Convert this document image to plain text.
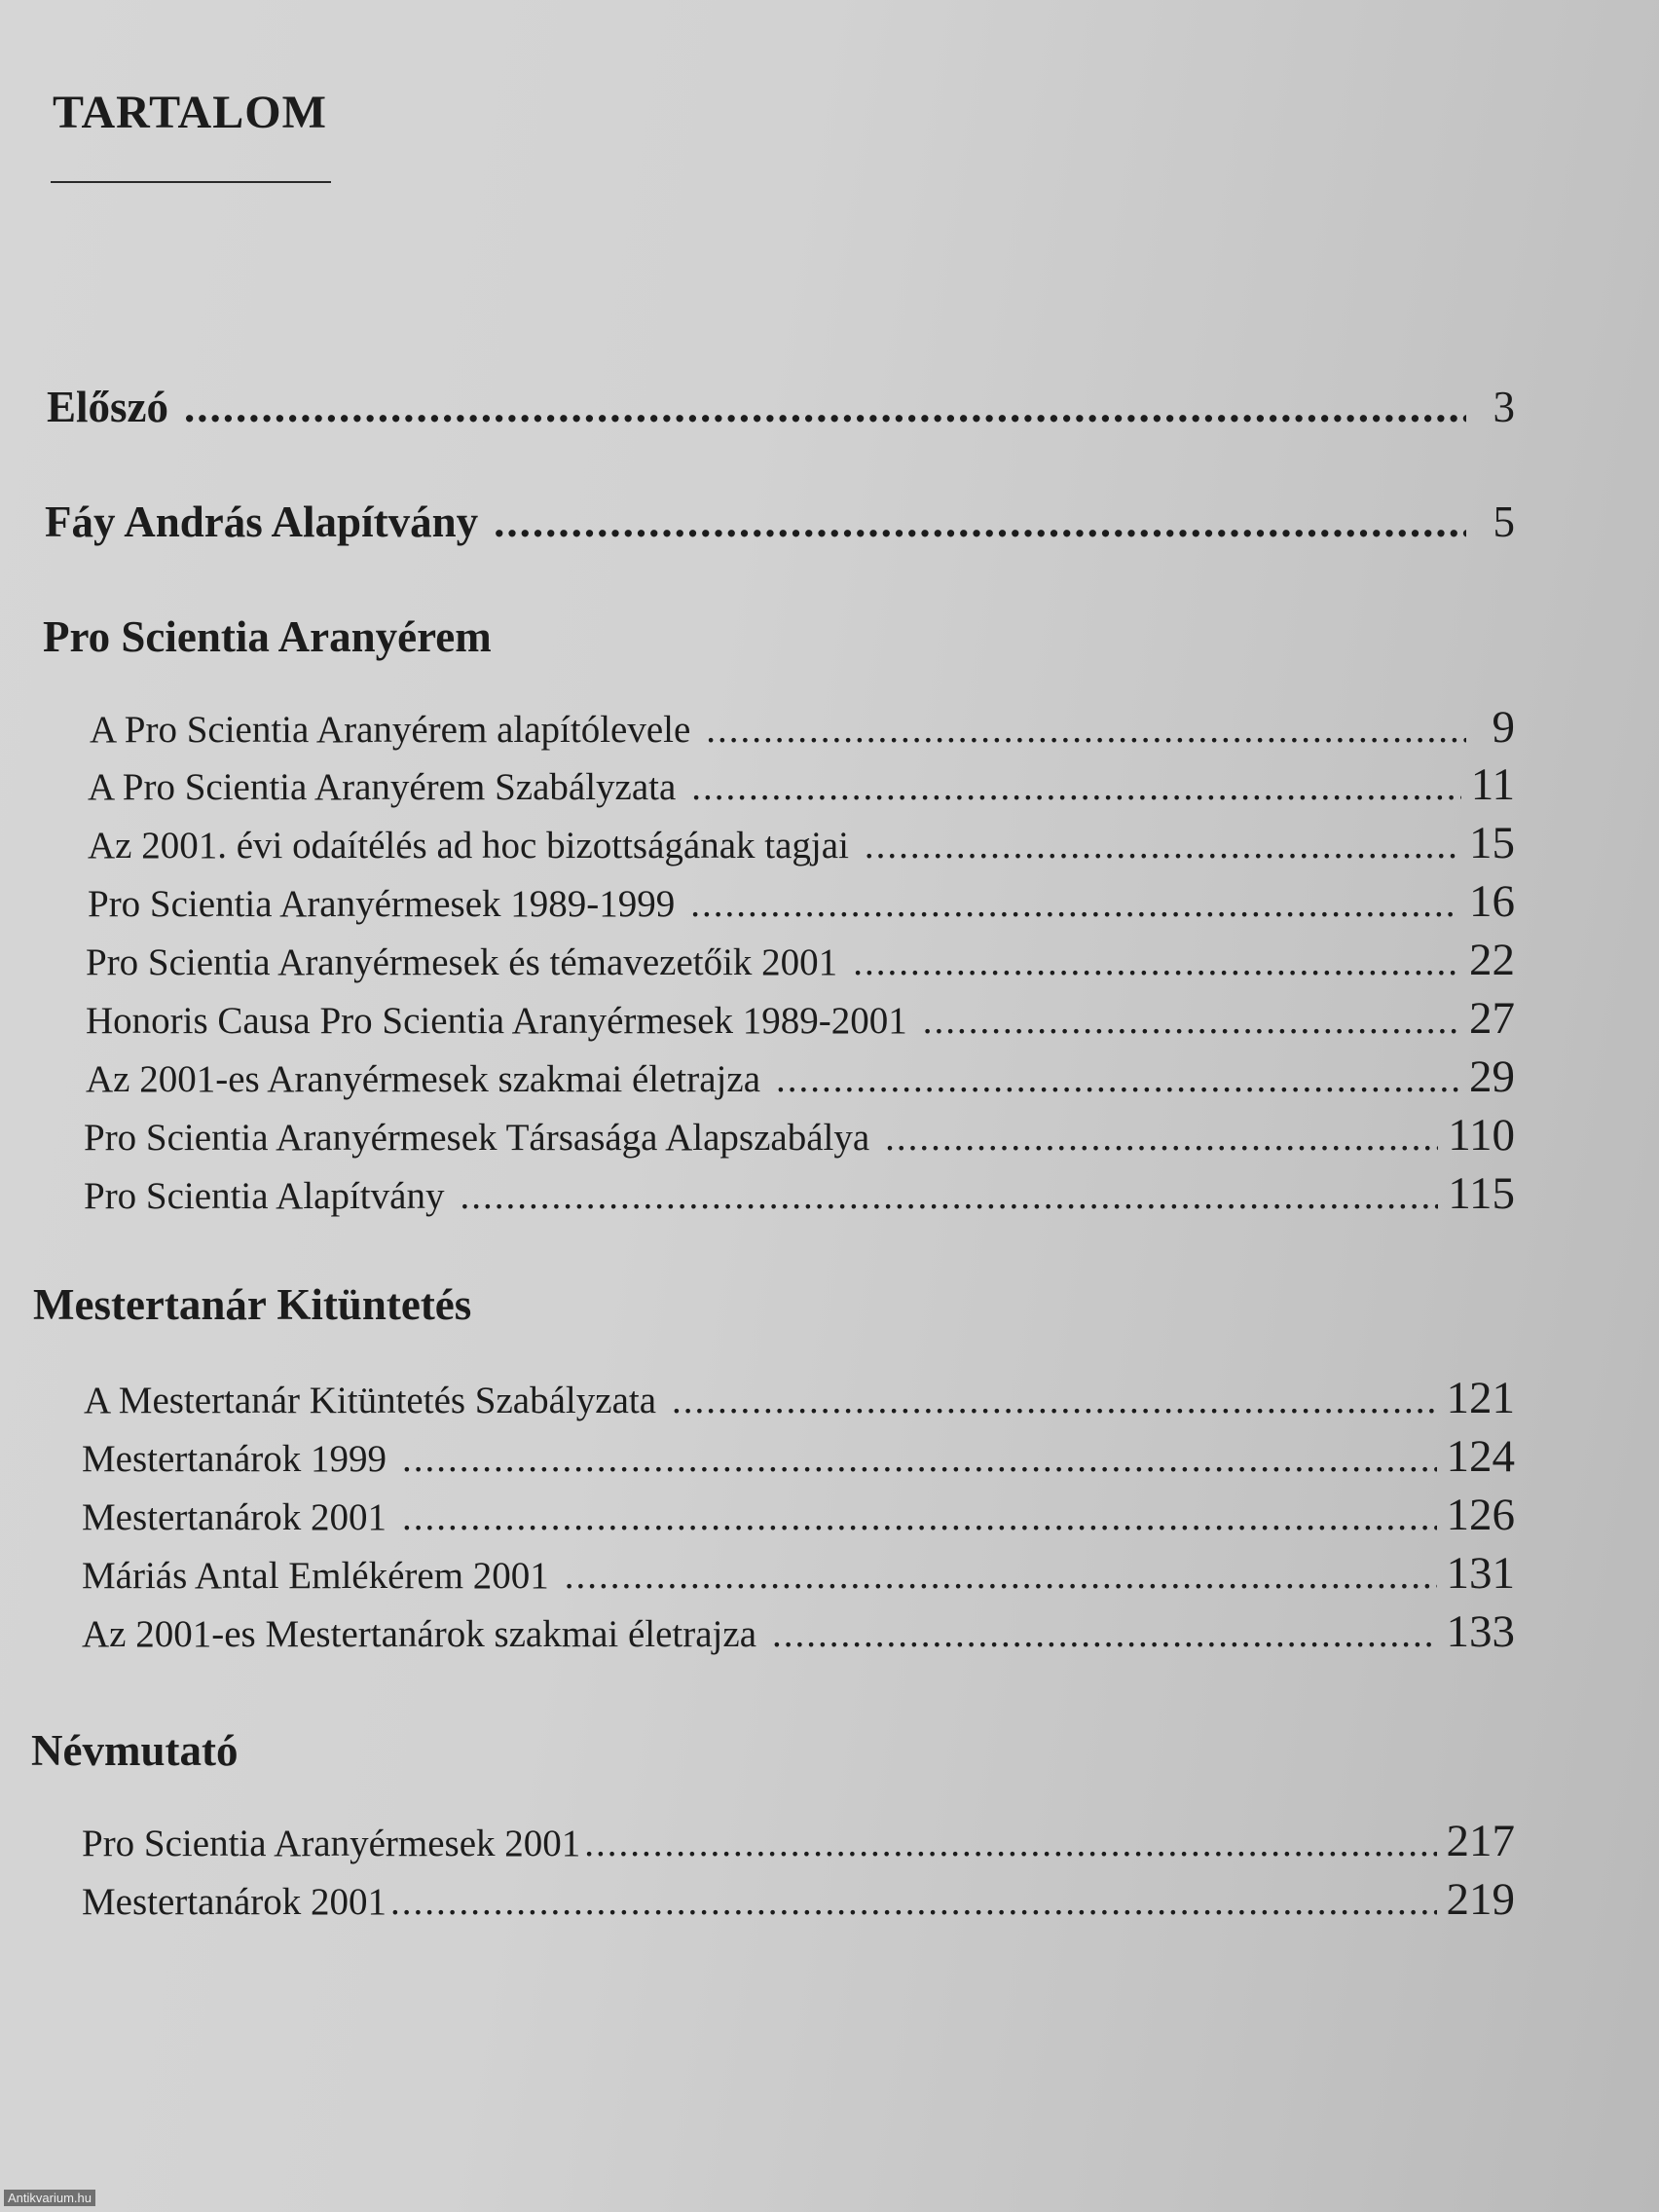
TARTALOM
Előszó .....	3
Fáy András Alapítvány .....	5
Pro Scientia Aranyérem
A Pro Scientia Aranyérem alapítólevele .....	9
A Pro Scientia Aranyérem Szabályzata .....	11
Az 2001. évi odaítélés ad hoc bizottságának tagjai .....	15
Pro Scientia Aranyérmesek 1989-1999 .....	16
Pro Scientia Aranyérmesek és témavezetőik 2001 .....	22
Honoris Causa Pro Scientia Aranyérmesek 1989-2001 .....	27
Az 2001-es Aranyérmesek szakmai életrajza .....	29
Pro Scientia Aranyérmesek Társasága Alapszabálya .....	110
Pro Scientia Alapítvány .....	115
Mestertanár Kitüntetés
A Mestertanár Kitüntetés Szabályzata .....	121
Mestertanárok 1999 .....	124
Mestertanárok 2001 .....	126
Máriás Antal Emlékérem 2001 .....	131
Az 2001-es Mestertanárok szakmai életrajza .....	133
Névmutató
Pro Scientia Aranyérmesek 2001 .....	217
Mestertanárok 2001 .....	219
Antikvarium.hu
